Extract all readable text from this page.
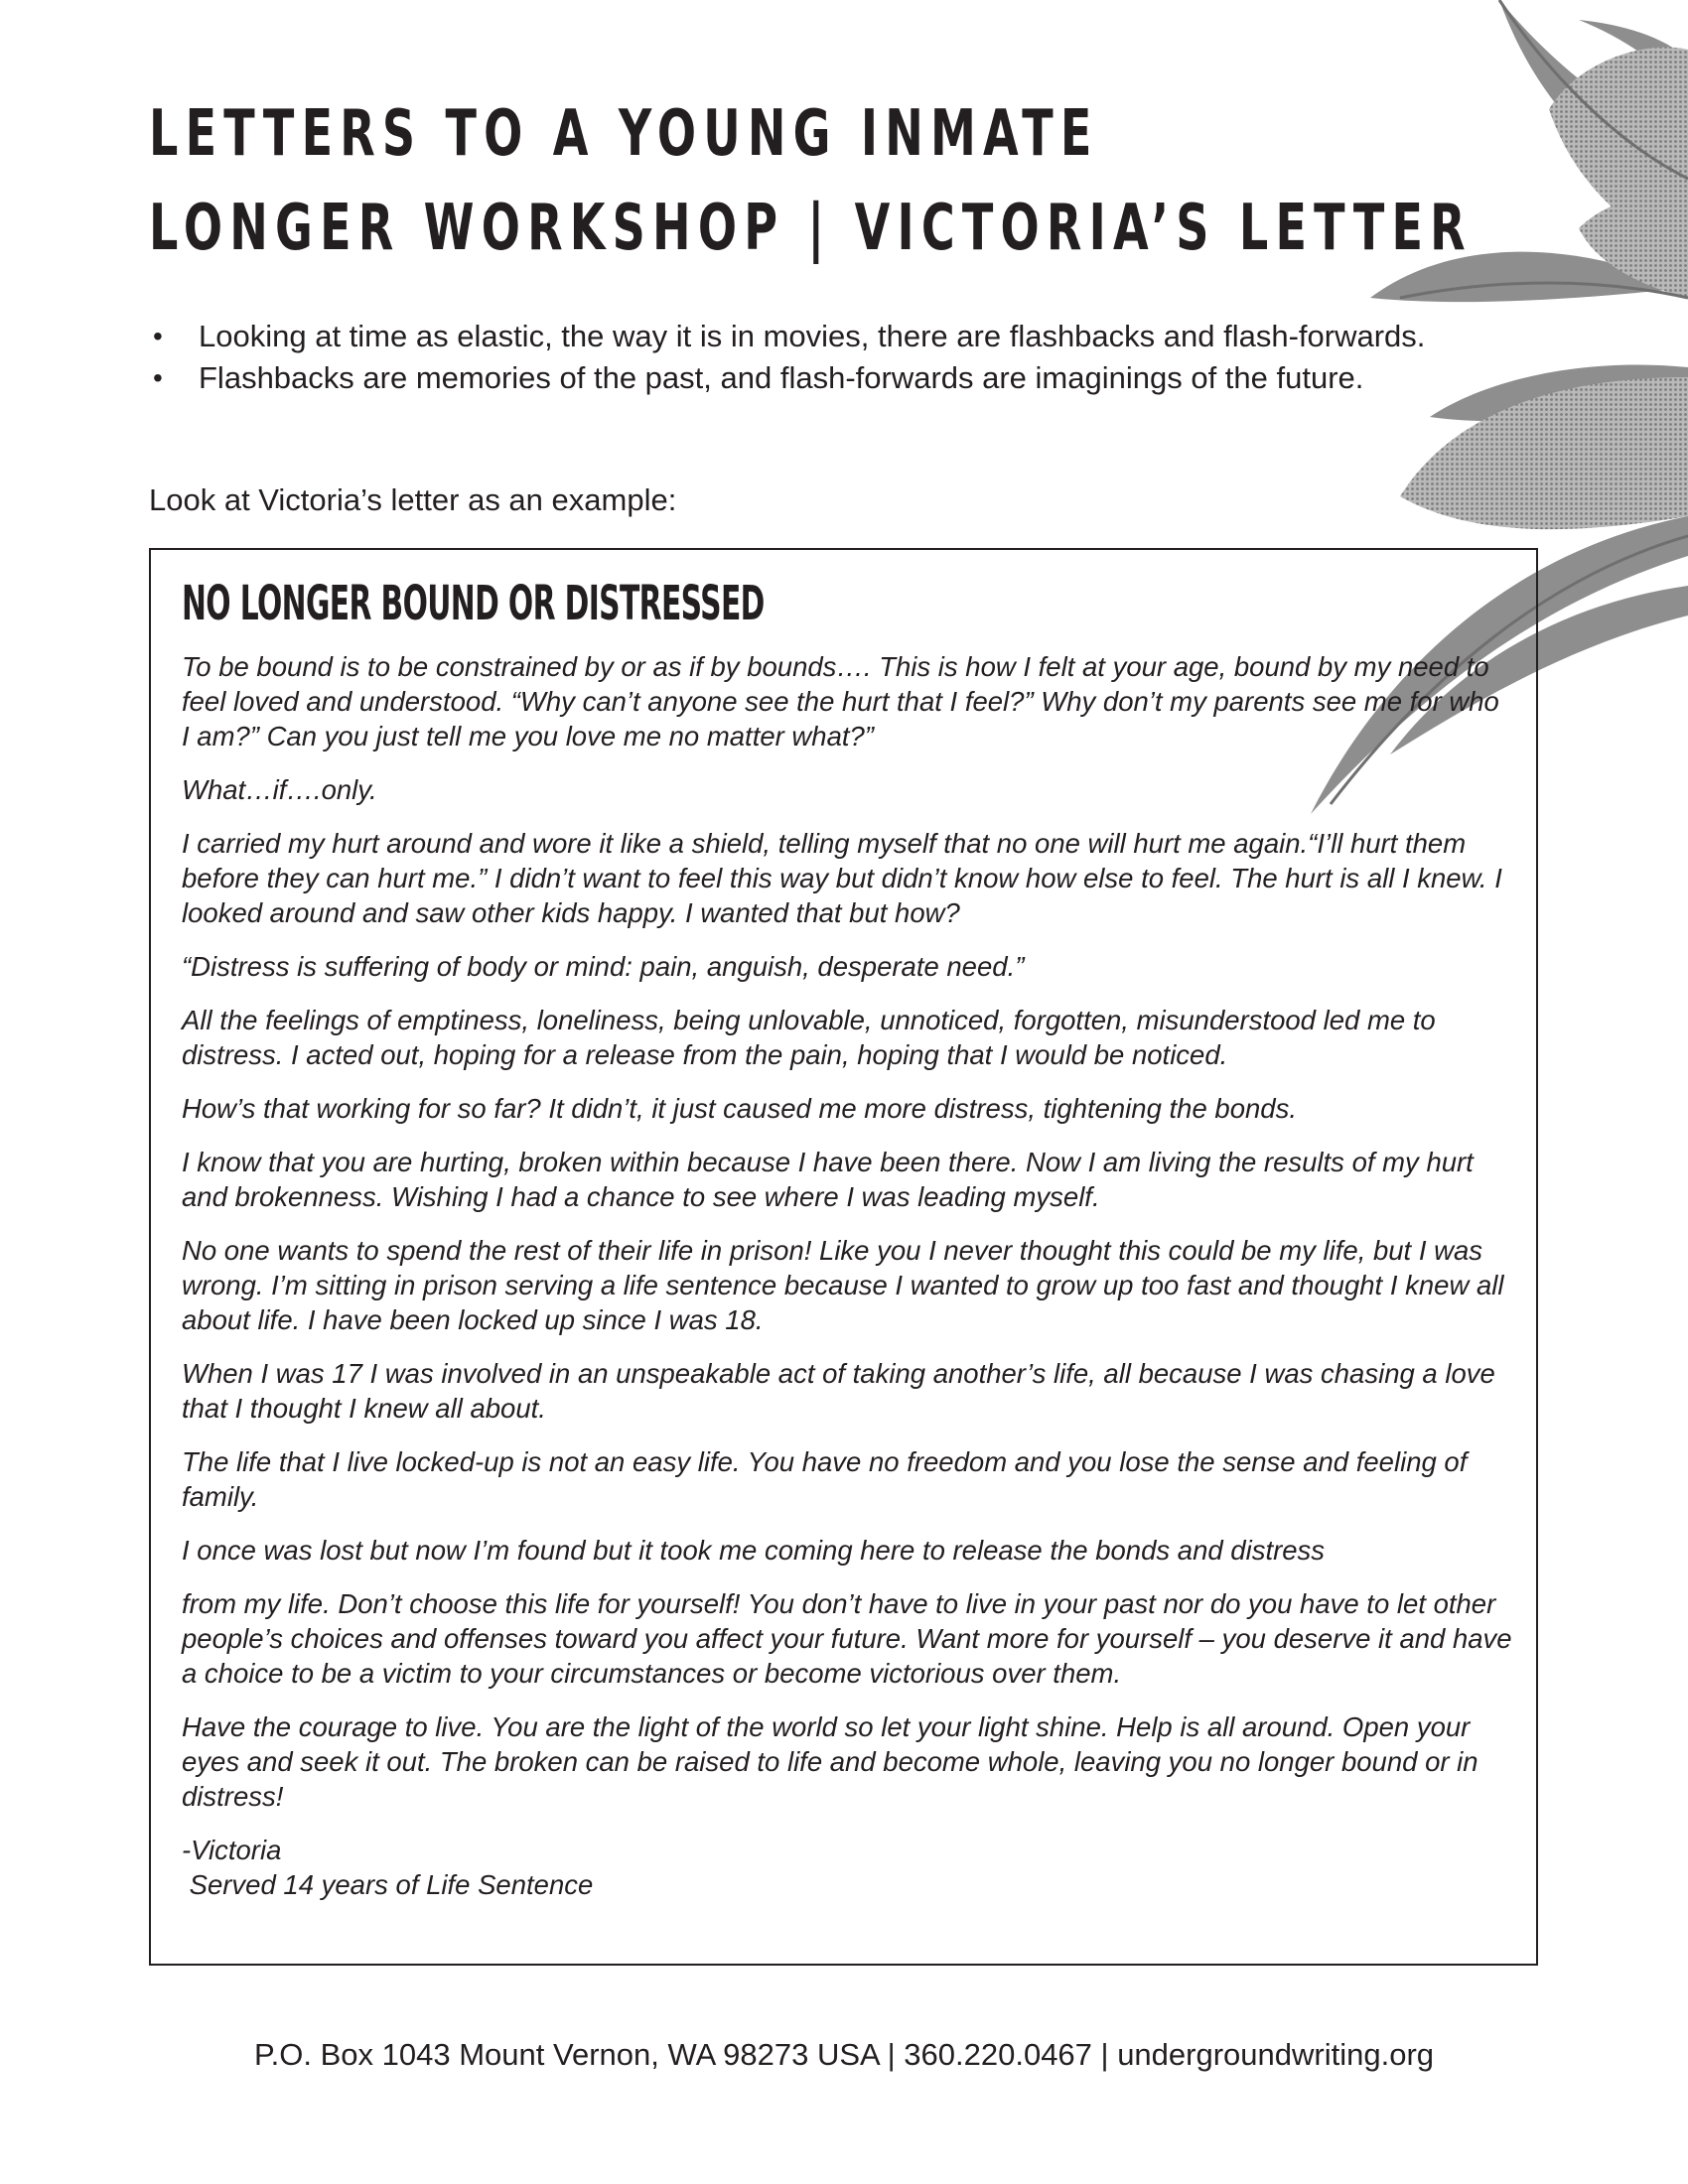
LETTERS TO A YOUNG INMATE
LONGER WORKSHOP | VICTORIA’S LETTER
• Looking at time as elastic, the way it is in movies, there are flashbacks and flash-forwards.
• Flashbacks are memories of the past, and flash-forwards are imaginings of the future.
Look at Victoria’s letter as an example:
NO LONGER BOUND OR DISTRESSED

To be bound is to be constrained by or as if by bounds…. This is how I felt at your age, bound by my need to feel loved and understood. “Why can’t anyone see the hurt that I feel?” Why don’t my parents see me for who I am?” Can you just tell me you love me no matter what?”

What…if….only.

I carried my hurt around and wore it like a shield, telling myself that no one will hurt me again.“I’ll hurt them before they can hurt me.” I didn’t want to feel this way but didn’t know how else to feel. The hurt is all I knew. I looked around and saw other kids happy. I wanted that but how?

“Distress is suffering of body or mind: pain, anguish, desperate need.”

All the feelings of emptiness, loneliness, being unlovable, unnoticed, forgotten, misunderstood led me to distress. I acted out, hoping for a release from the pain, hoping that I would be noticed.

How’s that working for so far? It didn’t, it just caused me more distress, tightening the bonds.

I know that you are hurting, broken within because I have been there. Now I am living the results of my hurt and brokenness. Wishing I had a chance to see where I was leading myself.

No one wants to spend the rest of their life in prison! Like you I never thought this could be my life, but I was wrong. I’m sitting in prison serving a life sentence because I wanted to grow up too fast and thought I knew all about life. I have been locked up since I was 18.

When I was 17 I was involved in an unspeakable act of taking another’s life, all because I was chasing a love that I thought I knew all about.

The life that I live locked-up is not an easy life. You have no freedom and you lose the sense and feeling of family.

I once was lost but now I’m found but it took me coming here to release the bonds and distress

from my life. Don’t choose this life for yourself! You don’t have to live in your past nor do you have to let other people’s choices and offenses toward you affect your future. Want more for yourself – you deserve it and have a choice to be a victim to your circumstances or become victorious over them.

Have the courage to live. You are the light of the world so let your light shine. Help is all around. Open your eyes and seek it out. The broken can be raised to life and become whole, leaving you no longer bound or in distress!

-Victoria

Served 14 years of Life Sentence

P.O. Box 1043 Mount Vernon, WA 98273 USA | 360.220.0467 | undergroundwriting.org
